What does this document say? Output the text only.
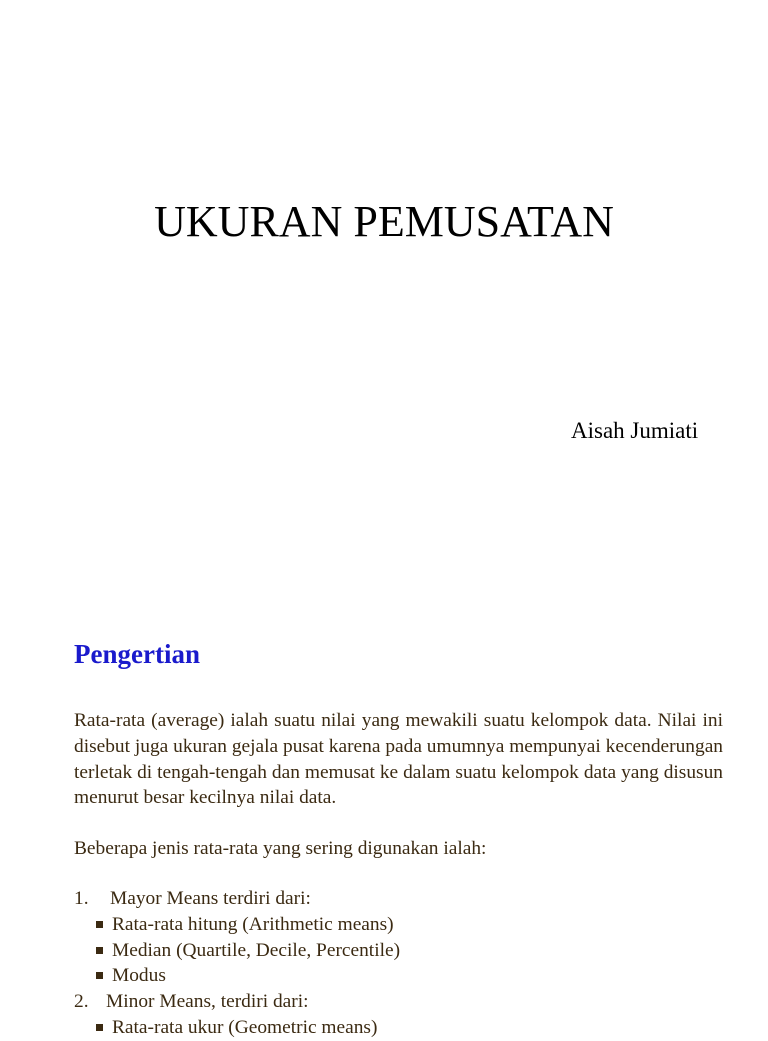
UKURAN PEMUSATAN
Aisah Jumiati
Pengertian

Rata-rata (average) ialah suatu nilai yang mewakili suatu kelompok data. Nilai ini disebut juga ukuran gejala pusat karena pada umumnya mempunyai kecenderungan terletak di tengah-tengah dan memusat ke dalam suatu kelompok data yang disusun menurut besar kecilnya nilai data.

Beberapa jenis rata-rata yang sering digunakan ialah:

1. Mayor Means terdiri dari:
Rata-rata hitung (Arithmetic means)
Median (Quartile, Decile, Percentile)
Modus
2. Minor Means, terdiri dari:
Rata-rata ukur (Geometric means)
